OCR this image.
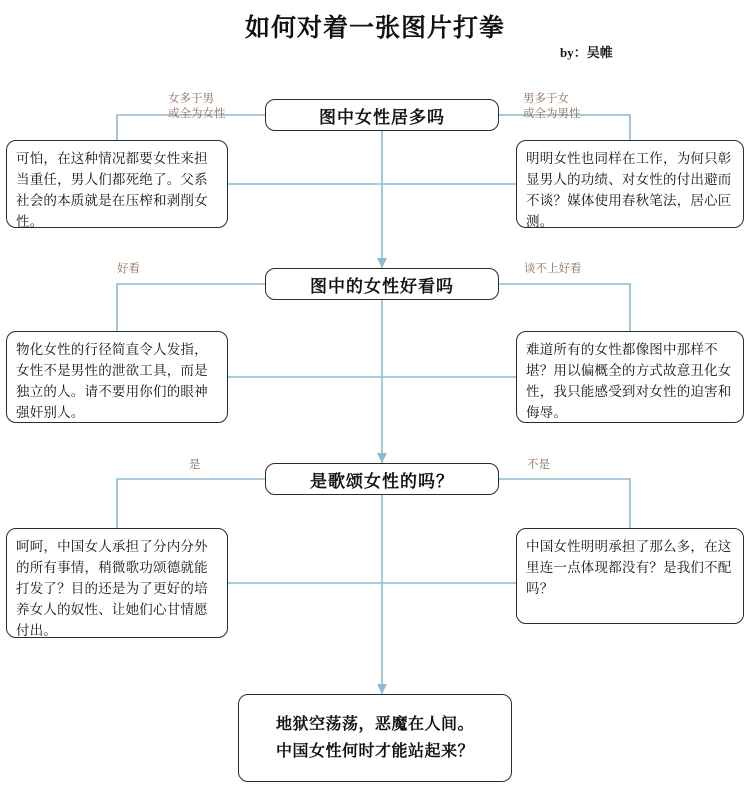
如何对着一张图片打拳
by：吴帷
图中女性居多吗
图中的女性好看吗
是歌颂女性的吗？
女多于男
或全为女性
男多于女
或全为男性
好看	谈不上好看
是	不是
可怕，在这种情况都要女性来担当重任，男人们都死绝了。父系社会的本质就是在压榨和剥削女性。
明明女性也同样在工作，为何只彰显男人的功绩、对女性的付出避而不谈？媒体使用春秋笔法，居心叵测。
物化女性的行径简直令人发指，女性不是男性的泄欲工具，而是独立的人。请不要用你们的眼神强奸别人。
难道所有的女性都像图中那样不堪？用以偏概全的方式故意丑化女性，我只能感受到对女性的迫害和侮辱。
呵呵，中国女人承担了分内分外的所有事情，稍微歌功颂德就能打发了？目的还是为了更好的培养女人的奴性、让她们心甘情愿付出。
中国女性明明承担了那么多，在这里连一点体现都没有？是我们不配吗？
地狱空荡荡，恶魔在人间。
中国女性何时才能站起来？
